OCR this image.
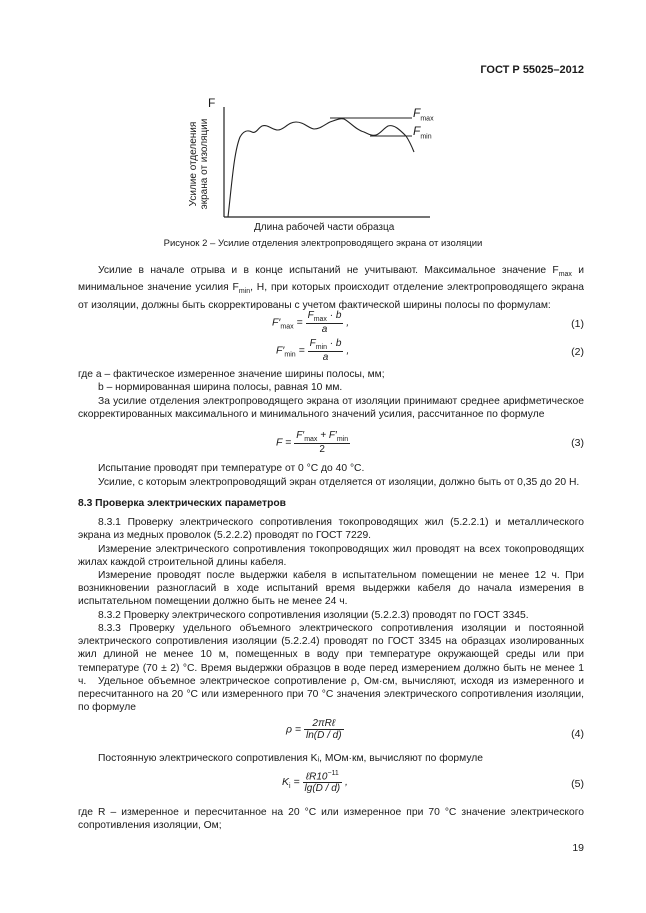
ГОСТ Р 55025–2012
F
Усилие отделения экрана от изоляции
Длина рабочей части образца
$F_{max}$
$F_{min}$
Рисунок 2 – Усилие отделения электропроводящего экрана от изоляции
Усилие в начале отрыва и в конце испытаний не учитывают. Максимальное значение $F_{max}$ и минимальное значение усилия $F_{min}$, Н, при которых происходит отделение электропроводящего экрана от изоляции, должны быть скорректированы с учетом фактической ширины полосы по формулам:
$F'_{max} = \frac{F_{max} \cdot b}{a}$ ,	(1)
$F'_{min} = \frac{F_{min} \cdot b}{a}$ ,	(2)
где a – фактическое измеренное значение ширины полосы, мм;
b – нормированная ширина полосы, равная 10 мм.
За усилие отделения электропроводящего экрана от изоляции принимают среднее арифметическое скорректированных максимального и минимального значений усилия, рассчитанное по формуле
$F = \frac{F'_{max} + F'_{min}}{2}$	(3)
Испытание проводят при температуре от 0 °С до 40 °С.
Усилие, с которым электропроводящий экран отделяется от изоляции, должно быть от 0,35 до 20 Н.
8.3 Проверка электрических параметров
8.3.1 Проверку электрического сопротивления токопроводящих жил (5.2.2.1) и металлического экрана из медных проволок (5.2.2.2) проводят по ГОСТ 7229.
Измерение электрического сопротивления токопроводящих жил проводят на всех токопроводящих жилах каждой строительной длины кабеля.
Измерение проводят после выдержки кабеля в испытательном помещении не менее 12 ч. При возникновении разногласий в ходе испытаний время выдержки кабеля до начала измерения в испытательном помещении должно быть не менее 24 ч.
8.3.2 Проверку электрического сопротивления изоляции (5.2.2.3) проводят по ГОСТ 3345.
8.3.3 Проверку удельного объемного электрического сопротивления изоляции и постоянной электрического сопротивления изоляции (5.2.2.4) проводят по ГОСТ 3345 на образцах изолированных жил длиной не менее 10 м, помещенных в воду при температуре окружающей среды или при температуре (70 ± 2) °С. Время выдержки образцов в воде перед измерением должно быть не менее 1 ч.	Удельное объемное электрическое сопротивление ρ, Ом·см, вычисляют, исходя из измеренного и пересчитанного на 20 °С или измеренного при 70 °С значения электрического сопротивления изоляции, по формуле
$\rho = \frac{\text{2πRℓ}}{\ln(D / d)}$	(4)
Постоянную электрического сопротивления Kᵢ, МОм·км, вычисляют по формуле
$K_i = \frac{\ell R10^{-11}}{\lg(D / d)}$ ,	(5)
где R – измеренное и пересчитанное на 20 °С или измеренное при 70 °С значение электрического сопротивления изоляции, Ом;
19
